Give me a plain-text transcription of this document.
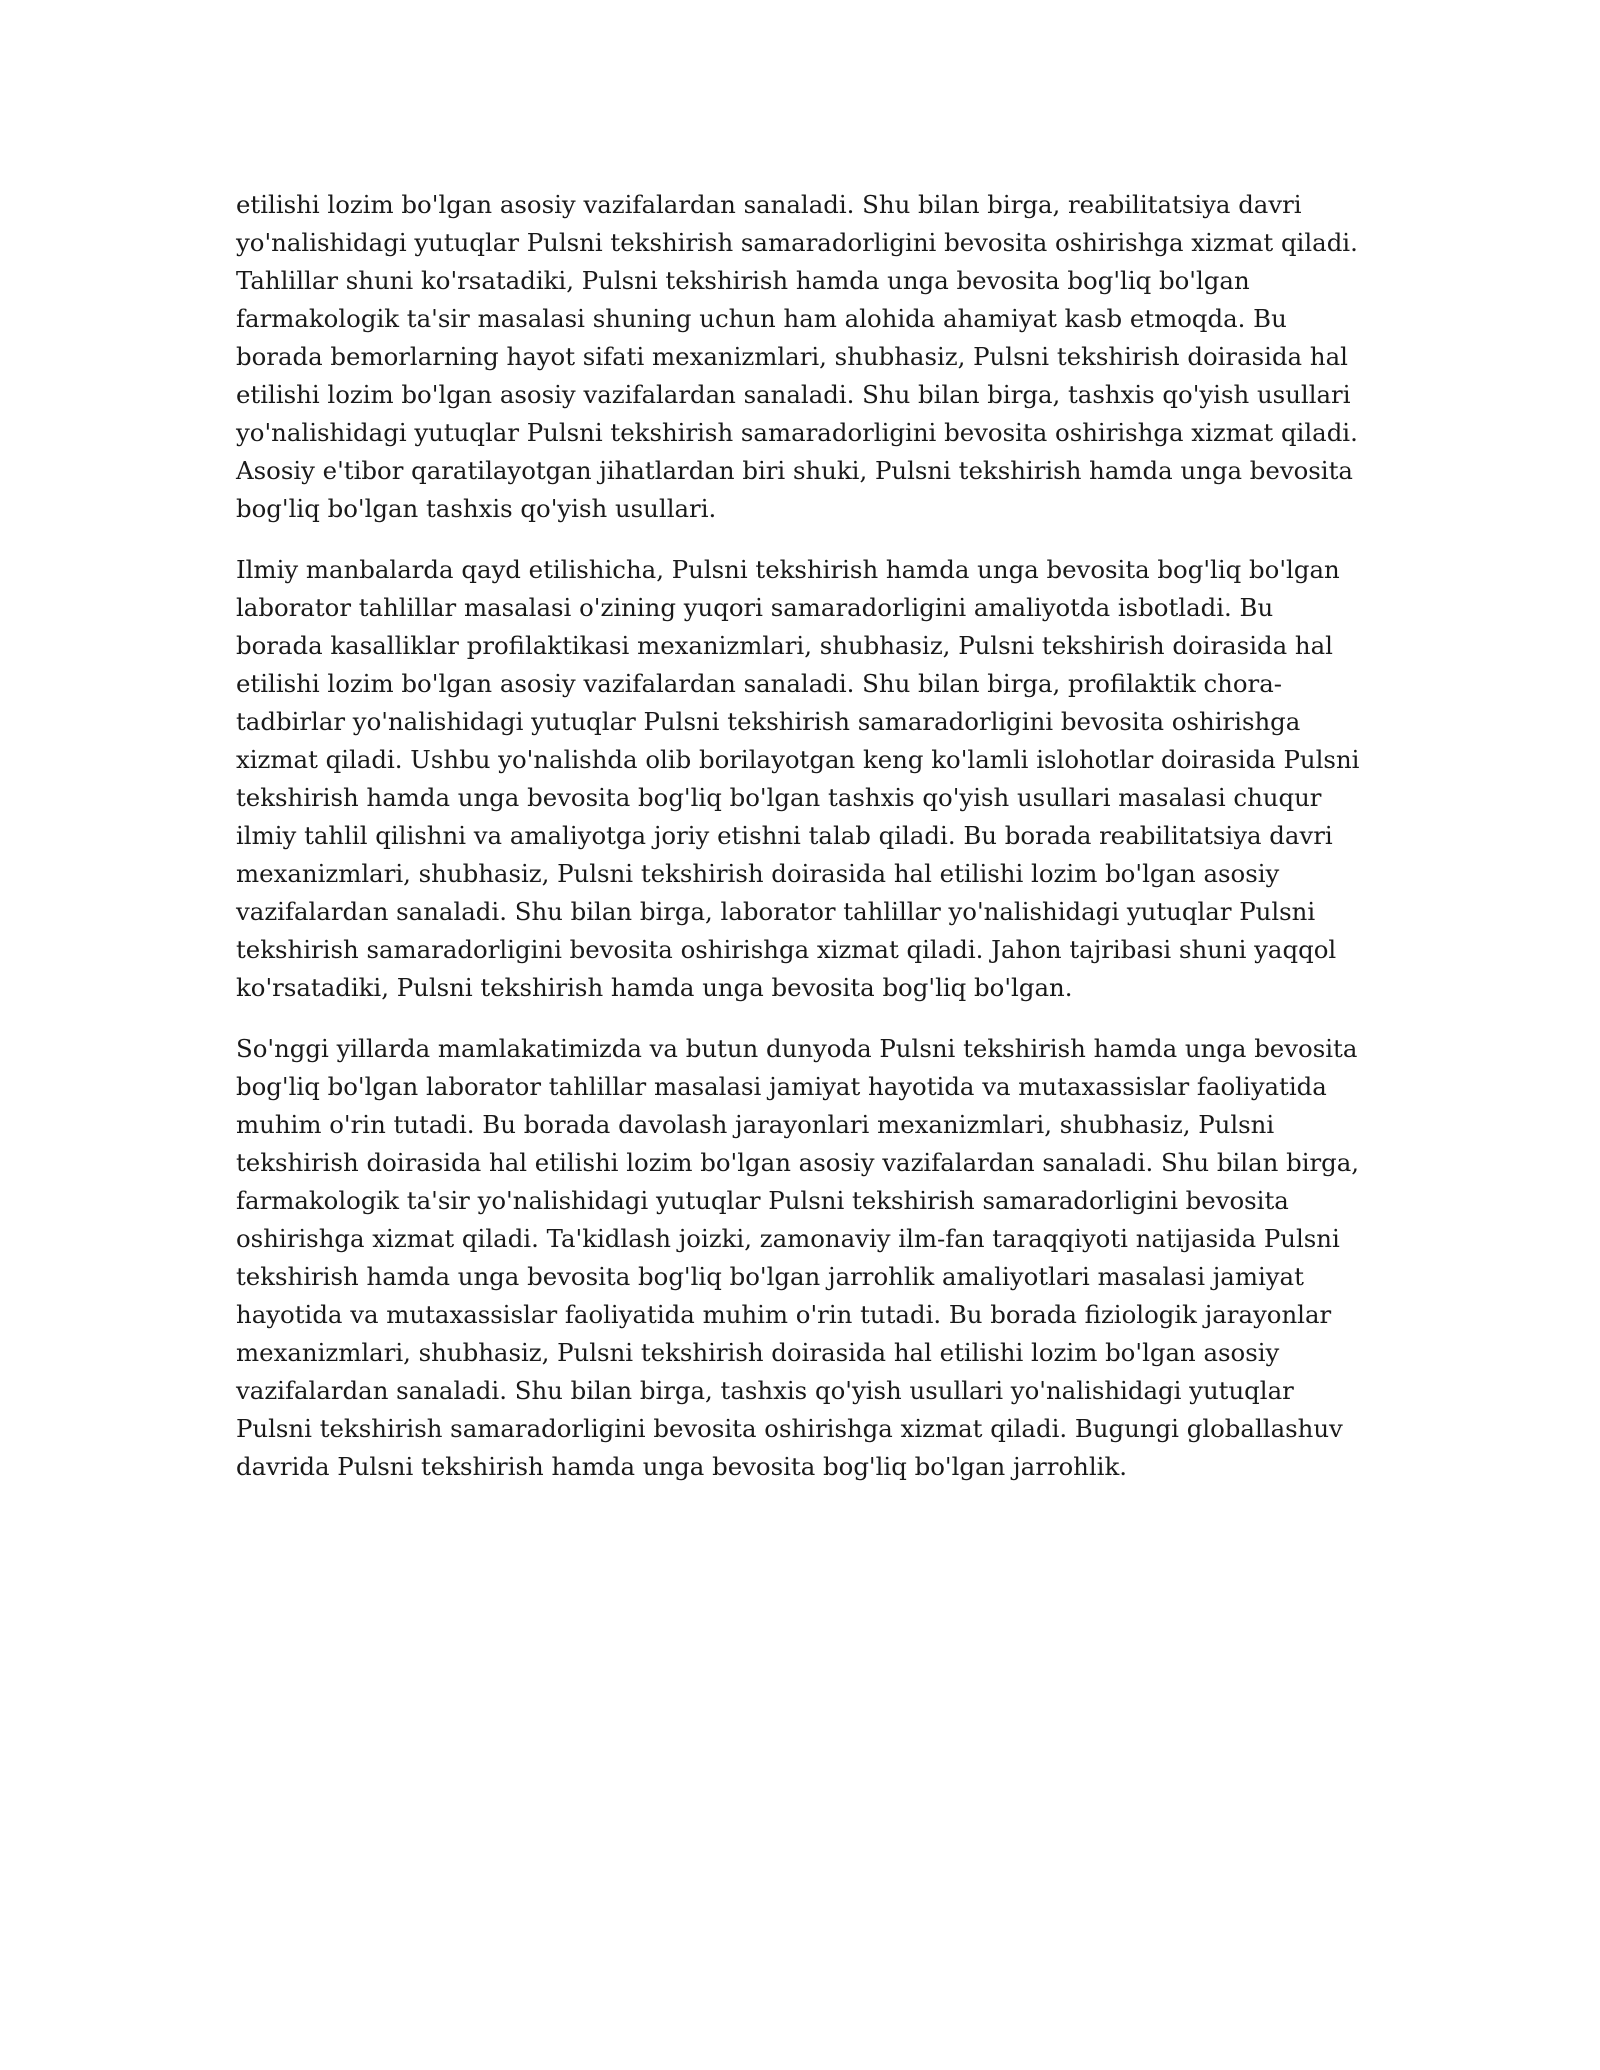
etilishi lozim bo'lgan asosiy vazifalardan sanaladi. Shu bilan birga, reabilitatsiya davri yo'nalishidagi yutuqlar Pulsni tekshirish samaradorligini bevosita oshirishga xizmat qiladi. Tahlillar shuni ko'rsatadiki, Pulsni tekshirish hamda unga bevosita bog'liq bo'lgan farmakologik ta'sir masalasi shuning uchun ham alohida ahamiyat kasb etmoqda. Bu borada bemorlarning hayot sifati mexanizmlari, shubhasiz, Pulsni tekshirish doirasida hal etilishi lozim bo'lgan asosiy vazifalardan sanaladi. Shu bilan birga, tashxis qo'yish usullari yo'nalishidagi yutuqlar Pulsni tekshirish samaradorligini bevosita oshirishga xizmat qiladi. Asosiy e'tibor qaratilayotgan jihatlardan biri shuki, Pulsni tekshirish hamda unga bevosita bog'liq bo'lgan tashxis qo'yish usullari.

Ilmiy manbalarda qayd etilishicha, Pulsni tekshirish hamda unga bevosita bog'liq bo'lgan laborator tahlillar masalasi o'zining yuqori samaradorligini amaliyotda isbotladi. Bu borada kasalliklar profilaktikasi mexanizmlari, shubhasiz, Pulsni tekshirish doirasida hal etilishi lozim bo'lgan asosiy vazifalardan sanaladi. Shu bilan birga, profilaktik chora-tadbirlar yo'nalishidagi yutuqlar Pulsni tekshirish samaradorligini bevosita oshirishga xizmat qiladi. Ushbu yo'nalishda olib borilayotgan keng ko'lamli islohotlar doirasida Pulsni tekshirish hamda unga bevosita bog'liq bo'lgan tashxis qo'yish usullari masalasi chuqur ilmiy tahlil qilishni va amaliyotga joriy etishni talab qiladi. Bu borada reabilitatsiya davri mexanizmlari, shubhasiz, Pulsni tekshirish doirasida hal etilishi lozim bo'lgan asosiy vazifalardan sanaladi. Shu bilan birga, laborator tahlillar yo'nalishidagi yutuqlar Pulsni tekshirish samaradorligini bevosita oshirishga xizmat qiladi. Jahon tajribasi shuni yaqqol ko'rsatadiki, Pulsni tekshirish hamda unga bevosita bog'liq bo'lgan.

So'nggi yillarda mamlakatimizda va butun dunyoda Pulsni tekshirish hamda unga bevosita bog'liq bo'lgan laborator tahlillar masalasi jamiyat hayotida va mutaxassislar faoliyatida muhim o'rin tutadi. Bu borada davolash jarayonlari mexanizmlari, shubhasiz, Pulsni tekshirish doirasida hal etilishi lozim bo'lgan asosiy vazifalardan sanaladi. Shu bilan birga, farmakologik ta'sir yo'nalishidagi yutuqlar Pulsni tekshirish samaradorligini bevosita oshirishga xizmat qiladi. Ta'kidlash joizki, zamonaviy ilm-fan taraqqiyoti natijasida Pulsni tekshirish hamda unga bevosita bog'liq bo'lgan jarrohlik amaliyotlari masalasi jamiyat hayotida va mutaxassislar faoliyatida muhim o'rin tutadi. Bu borada fiziologik jarayonlar mexanizmlari, shubhasiz, Pulsni tekshirish doirasida hal etilishi lozim bo'lgan asosiy vazifalardan sanaladi. Shu bilan birga, tashxis qo'yish usullari yo'nalishidagi yutuqlar Pulsni tekshirish samaradorligini bevosita oshirishga xizmat qiladi. Bugungi globallashuv davrida Pulsni tekshirish hamda unga bevosita bog'liq bo'lgan jarrohlik.
